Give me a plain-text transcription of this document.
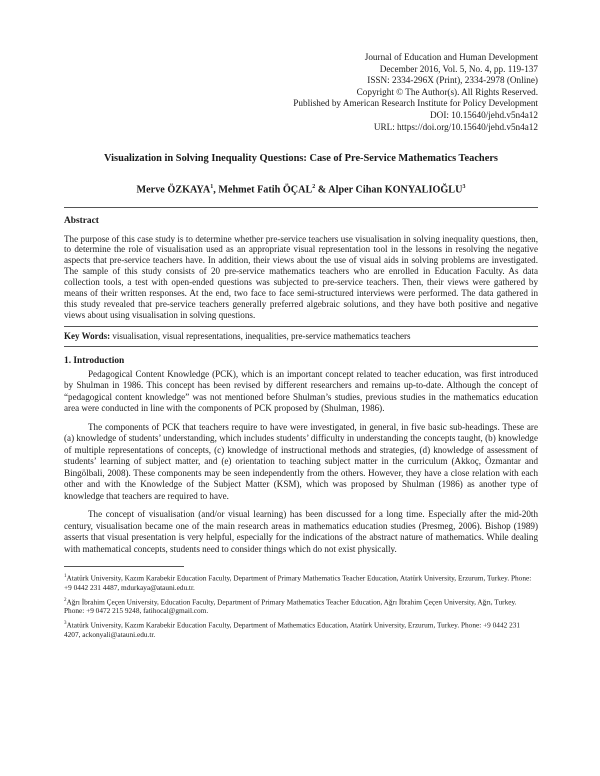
Journal of Education and Human Development
December 2016, Vol. 5, No. 4, pp. 119-137
ISSN: 2334-296X (Print), 2334-2978 (Online)
Copyright © The Author(s). All Rights Reserved.
Published by American Research Institute for Policy Development
DOI: 10.15640/jehd.v5n4a12
URL: https://doi.org/10.15640/jehd.v5n4a12
Visualization in Solving Inequality Questions: Case of Pre-Service Mathematics Teachers
Merve ÖZKAYA$^1$, Mehmet Fatih ÖÇAL$^2$ & Alper Cihan KONYALIOĞLU$^3$
Abstract
The purpose of this case study is to determine whether pre-service teachers use visualisation in solving inequality questions, then, to determine the role of visualisation used as an appropriate visual representation tool in the lessons in resolving the negative aspects that pre-service teachers have. In addition, their views about the use of visual aids in solving problems are investigated. The sample of this study consists of 20 pre-service mathematics teachers who are enrolled in Education Faculty. As data collection tools, a test with open-ended questions was subjected to pre-service teachers. Then, their views were gathered by means of their written responses. At the end, two face to face semi-structured interviews were performed. The data gathered in this study revealed that pre-service teachers generally preferred algebraic solutions, and they have both positive and negative views about using visualisation in solving questions.
Key Words: visualisation, visual representations, inequalities, pre-service mathematics teachers
1. Introduction
Pedagogical Content Knowledge (PCK), which is an important concept related to teacher education, was first introduced by Shulman in 1986. This concept has been revised by different researchers and remains up-to-date. Although the concept of “pedagogical content knowledge” was not mentioned before Shulman’s studies, previous studies in the mathematics education area were conducted in line with the components of PCK proposed by (Shulman, 1986).
The components of PCK that teachers require to have were investigated, in general, in five basic sub-headings. These are (a) knowledge of students’ understanding, which includes students’ difficulty in understanding the concepts taught, (b) knowledge of multiple representations of concepts, (c) knowledge of instructional methods and strategies, (d) knowledge of assessment of students’ learning of subject matter, and (e) orientation to teaching subject matter in the curriculum (Akkoç, Özmantar and Bingölbali, 2008). These components may be seen independently from the others. However, they have a close relation with each other and with the Knowledge of the Subject Matter (KSM), which was proposed by Shulman (1986) as another type of knowledge that teachers are required to have.
The concept of visualisation (and/or visual learning) has been discussed for a long time. Especially after the mid-20th century, visualisation became one of the main research areas in mathematics education studies (Presmeg, 2006). Bishop (1989) asserts that visual presentation is very helpful, especially for the indications of the abstract nature of mathematics. While dealing with mathematical concepts, students need to consider things which do not exist physically.
$^1$Atatürk University, Kazım Karabekir Education Faculty, Department of Primary Mathematics Teacher Education, Atatürk University, Erzurum, Turkey. Phone: +9 0442 231 4487, mdurkaya@atauni.edu.tr.
$^2$Ağrı İbrahim Çeçen University, Education Faculty, Department of Primary Mathematics Teacher Education, Ağrı İbrahim Çeçen University, Ağrı, Turkey. Phone: +9 0472 215 9248, fatihocal@gmail.com.
$^3$Atatürk University, Kazım Karabekir Education Faculty, Department of Mathematics Education, Atatürk University, Erzurum, Turkey. Phone: +9 0442 231 4207, ackonyali@atauni.edu.tr.
